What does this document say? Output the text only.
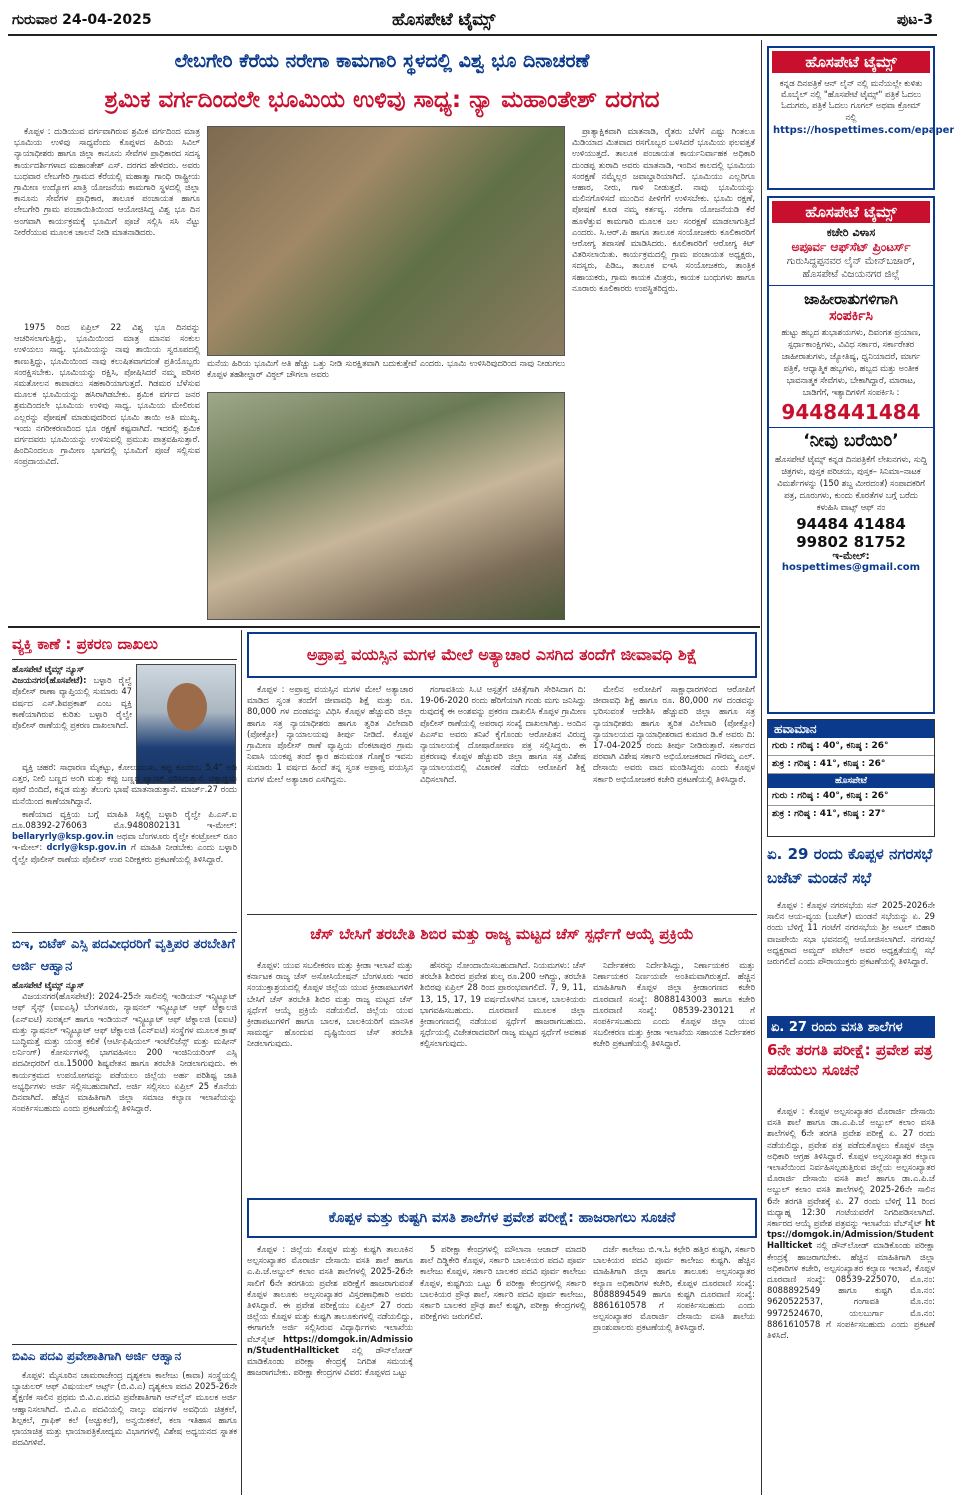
ಗುರುವಾರ 24-04-2025	ಹೊಸಪೇಟೆ ಟೈಮ್ಸ್	ಪುಟ-3
ಲೇಬಗೇರಿ ಕೆರೆಯ ನರೇಗಾ ಕಾಮಗಾರಿ ಸ್ಥಳದಲ್ಲಿ ವಿಶ್ವ ಭೂ ದಿನಾಚರಣೆ
ಶ್ರಮಿಕ ವರ್ಗದಿಂದಲೇ ಭೂಮಿಯ ಉಳಿವು ಸಾಧ್ಯ: ನ್ಯಾ ಮಹಾಂತೇಶ್ ದರಗದ

ಕೊಪ್ಪಳ : ದುಡಿಯುವ ವರ್ಗವಾಗಿರುವ ಶ್ರಮಿಕ ವರ್ಗದಿಂದ ಮಾತ್ರ ಭೂಮಿಯ ಉಳಿವು ಸಾಧ್ಯವೆಂದು ಕೊಪ್ಪಳದ ಹಿರಿಯ ಸಿವಿಲ್ ನ್ಯಾಯಾಧೀಶರು ಹಾಗೂ ಜಿಲ್ಲಾ ಕಾನೂನು ಸೇವೆಗಳ ಪ್ರಾಧಿಕಾರದ ಸದಸ್ಯ ಕಾರ್ಯದರ್ಶಿಗಳಾದ ಮಹಾಂತೇಶ್ ಎಸ್. ದರಗದ ಹೇಳಿದರು. ಅವರು ಬುಧವಾರ ಲೇಬಗೇರಿ ಗ್ರಾಮದ ಕೆರೆಯಲ್ಲಿ ಮಹಾತ್ಮಾ ಗಾಂಧಿ ರಾಷ್ಟ್ರೀಯ ಗ್ರಾಮೀಣ ಉದ್ಯೋಗ ಖಾತ್ರಿ ಯೋಜನೆಯ ಕಾಮಗಾರಿ ಸ್ಥಳದಲ್ಲಿ ಜಿಲ್ಲಾ ಕಾನೂನು ಸೇವೆಗಳ ಪ್ರಾಧಿಕಾರ, ತಾಲೂಕ ಪಂಚಾಯತ ಹಾಗೂ ಲೇಬಗೇರಿ ಗ್ರಾಮ ಪಂಚಾಯಿತಿಯಿಂದ ಆಯೋಜಿಸಿದ್ದ ವಿಶ್ವ ಭೂ ದಿನ ಅಂಗವಾಗಿ ಕಾರ್ಯಕ್ರಮಕ್ಕೆ ಭೂಮಿಗೆ ಪೂಜೆ ಸಲ್ಲಿಸಿ ಸಸಿ ನೆಟ್ಟು ನೀರೆರೆಯುವ ಮೂಲಕ ಚಾಲನೆ ನೀಡಿ ಮಾತನಾಡಿದರು.

1975 ರಿಂದ ಏಪ್ರಿಲ್ 22 ವಿಶ್ವ ಭೂ ದಿನವನ್ನು ಆಚರಿಸಲಾಗುತ್ತಿದ್ದು, ಭೂಮಿಯಿಂದ ಮಾತ್ರ ಮಾನವ ಸಂಕುಲ ಉಳಿಯಲು ಸಾಧ್ಯ. ಭೂಮಿಯನ್ನು ನಾವು ತಾಯಿಯ ಸ್ವರೂಪದಲ್ಲಿ ಕಾಣುತ್ತಿದ್ದು, ಭೂಮಿಯಿಂದ ನಾವು ಕಲುಷಿತವಾಗದಂತೆ ಪ್ರತಿಯೊಬ್ಬರು ಸಂರಕ್ಷಿಸಬೇಕು. ಭೂಮಿಯನ್ನು ರಕ್ಷಿಸಿ, ಪೋಷಿಸಿದರೆ ನಮ್ಮ ಪರಿಸರ ಸಮತೋಲನ ಕಾಪಾಡಲು ಸಹಕಾರಿಯಾಗುತ್ತದೆ. ಗಿಡಮರ ಬೆಳೆಸುವ ಮೂಲಕ ಭೂಮಿಯನ್ನು ಹಸಿರಾಗಿಡಬೇಕು. ಶ್ರಮಿಕ ವರ್ಗದ ಜನರ ಶ್ರಮದಿಂದಲೇ ಭೂಮಿಯ ಉಳಿವು ಸಾಧ್ಯ. ಭೂಮಿಯ ಮೇಲಿರುವ ಎಲ್ಲರನ್ನು ಪೋಷಣೆ ಮಾಡುವುದರಿಂದ ಭೂಮಿ ತಾಯಿ ಅತಿ ಮುಖ್ಯ. ಇಂದು ನಗರೀಕರಣದಿಂದ ಭೂ ರಕ್ಷಣೆ ಕಷ್ಟವಾಗಿದೆ. ಇದರಲ್ಲಿ ಶ್ರಮಿಕ ವರ್ಗದವರು ಭೂಮಿಯನ್ನು ಉಳಿಸುವಲ್ಲಿ ಪ್ರಮುಖ ಪಾತ್ರವಹಿಸುತ್ತಾರೆ. ಹಿಂದಿನಿಂದಲೂ ಗ್ರಾಮೀಣ ಭಾಗದಲ್ಲಿ ಭೂಮಿಗೆ ಪೂಜೆ ಸಲ್ಲಿಸುವ ಸಂಪ್ರದಾಯವಿದೆ.

ಮನೆಯ ಹಿರಿಯ ಭೂಮಿಗೆ ಅತಿ ಹೆಚ್ಚು ಒತ್ತು ನೀಡಿ ಸುರಕ್ಷಿತವಾಗಿ ಬದುಕುತ್ತೇವೆ ಎಂದರು. ಭೂಮಿ ಉಳಿಸಿರಿವುದರಿಂದ ನಾವು ನೀಡುಗಲು ಕೊಪ್ಪಳ ತಹಶೀಲ್ದಾರ್ ವಿಠ್ಠಲ್ ಚೌಗಲಾ ಅವರು

ಪ್ರಾತ್ಯಾಕ್ಷಿಕವಾಗಿ ಮಾತನಾಡಿ, ರೈತರು ಬೆಳೆಗೆ ಎಷ್ಟು ಗಿಂತಲೂ ಮಿಡಿಯಾದ ಮಿತವಾದ ರಸಗೊಬ್ಬರ ಬಳಸಿದರೆ ಭೂಮಿಯ ಫಲವತ್ತತೆ ಉಳಿಯುತ್ತದೆ. ತಾಲೂಕ ಪಂಚಾಯತ ಕಾರ್ಯನಿರ್ವಾಹಕ ಅಧಿಕಾರಿ ದುಂಡಪ್ಪ ತುರಾದಿ ಅವರು ಮಾತನಾಡಿ, ಇಂದಿನ ಕಾಲದಲ್ಲಿ ಭೂಮಿಯ ಸಂರಕ್ಷಣೆ ನಮ್ಮೆಲ್ಲರ ಜವಾಬ್ದಾರಿಯಾಗಿದೆ. ಭೂಮಿಯು ಎಲ್ಲರಿಗೂ ಆಹಾರ, ನೀರು, ಗಾಳಿ ನೀಡುತ್ತದೆ. ನಾವು ಭೂಮಿಯನ್ನು ಮಲಿನಗೊಳಿಸದೆ ಮುಂದಿನ ಪೀಳಿಗೆಗೆ ಉಳಿಸಬೇಕು. ಭೂಮಿ ರಕ್ಷಣೆ, ಪೋಷಣೆ ಕೂಡ ನಮ್ಮ ಕರ್ತವ್ಯ. ನರೇಗಾ ಯೋಜನೆಯಡಿ ಕೆರೆ ಹೂಳೆತ್ತುವ ಕಾಮಗಾರಿ ಮೂಲಕ ಜಲ ಸಂರಕ್ಷಣೆ ಮಾಡಲಾಗುತ್ತಿದೆ ಎಂದರು. ಸಿ.ಆರ್.ಪಿ ಹಾಗೂ ತಾಲೂಕ ಸಂಯೋಜಕರು ಕೂಲಿಕಾರರಿಗೆ ಆರೋಗ್ಯ ತಪಾಸಣೆ ಮಾಡಿಸಿದರು. ಕೂಲಿಕಾರರಿಗೆ ಆರೋಗ್ಯ ಕಿಟ್ ವಿತರಿಸಲಾಯಿತು. ಕಾರ್ಯಕ್ರಮದಲ್ಲಿ ಗ್ರಾಮ ಪಂಚಾಯತ ಅಧ್ಯಕ್ಷರು, ಸದಸ್ಯರು, ಪಿಡಿಒ, ತಾಲೂಕ ಐಇಸಿ ಸಂಯೋಜಕರು, ತಾಂತ್ರಿಕ ಸಹಾಯಕರು, ಗ್ರಾಮ ಕಾಯಕ ಮಿತ್ರರು, ಕಾಯಕ ಬಂಧುಗಳು ಹಾಗೂ ನೂರಾರು ಕೂಲಿಕಾರರು ಉಪಸ್ಥಿತರಿದ್ದರು.

ಹೊಸಪೇಟೆ ಟೈಮ್ಸ್
ಕನ್ನಡ ದಿನಪತ್ರಿಕೆ ಆನ್ ಲೈನ್ ನಲ್ಲಿ ಮನೆಯಲ್ಲೇ ಕುಳಿತು ಮೊಬೈಲ್ ನಲ್ಲಿ "ಹೊಸಪೇಟೆ ಟೈಮ್ಸ್" ಪತ್ರಿಕೆ ಓದಲು ಓದುಗರು, ಪತ್ರಿಕೆ ಓದಲು ಗೂಗಲ್ ಅಥವಾ ಕ್ರೋಮ್ ನಲ್ಲಿ
https://hospettimes.com/epaper
ಹೊಸಪೇಟೆ ಟೈಮ್ಸ್
ಕಚೇರಿ ವಿಳಾಸ
ಅಪೂರ್ವ ಆಫ್‌ಸೆಟ್ ಪ್ರಿಂಟರ್ಸ್
ಗುರುಸಿದ್ದಪ್ಪನವರ ಲೈನ್ ಮೇನ್‌ಬಜಾರ್, ಹೊಸಪೇಟೆ ವಿಜಯನಗರ ಜಿಲ್ಲೆ
ಜಾಹೀರಾತುಗಳಿಗಾಗಿ
ಸಂಪರ್ಕಿಸಿ
ಹುಟ್ಟು ಹಬ್ಬದ ಶುಭಾಶಯಗಳು, ದಿವಂಗತ ಪ್ರಯಾಣ, ಸ್ಪರ್ಧಾಕಾಂಕ್ಷಿಗಳು, ವಿವಿಧ ಸರ್ಕಾರ, ಸರ್ಕಾರೇತರ ಜಾಹೀರಾತುಗಳು, ಜ್ಯೋತಿಷ್ಯ, ಧ್ವನಿಯಾದರೆ, ಮಾರ್ಗ ಪತ್ರಿಕೆ, ಆಧ್ಯಾತ್ಮಿಕ ಹಬ್ಬಗಳು, ಹಬ್ಬದ ಮತ್ತು ಅಂತೀಕ ಭಾವನಾತ್ಮಕ ಸೇವೆಗಳು, ಬೇಕಾಗಿದ್ದಾರೆ, ಮಾರಾಟ, ಬಾಡಿಗೆಗೆ, ಇತ್ಯಾದಿಗಳಿಗೆ ಸಂಪರ್ಕಿಸಿ :
9448441484
‘ನೀವು ಬರೆಯಿರಿ’
ಹೊಸಪೇಟೆ ಟೈಮ್ಸ್ ಕನ್ನಡ ದಿನಪತ್ರಿಕೆಗೆ ಲೇಖನಗಳು, ಸುದ್ದಿ ಚಿತ್ರಗಳು, ಪುಸ್ತಕ ಪರಿಚಯ, ಪುಸ್ತಕ– ಸಿನಿಮಾ–ನಾಟಕ ವಿಮರ್ಶೆಗಳನ್ನು (150 ಶಬ್ದ ಮೀರದಂತೆ) ಸಂಪಾದಕರಿಗೆ ಪತ್ರ, ದೂರುಗಳು, ಕುಂದು ಕೊರತೆಗಳ ಬಗ್ಗೆ ಬರೆದು ಕಳುಹಿಸಿ ವಾಟ್ಸ್ ಆಫ್ ನಂ
94484 41484
99802 81752
ಇ-ಮೇಲ್: hospettimes@gmail.com
ಹವಾಮಾನ
ಗುರು : ಗರಿಷ್ಠ : 40°, ಕನಿಷ್ಠ : 26°
ಶುಕ್ರ : ಗರಿಷ್ಠ : 41°, ಕನಿಷ್ಠ : 26°
ಹೊಸಪೇಟೆ
ಗುರು : ಗರಿಷ್ಠ : 40°, ಕನಿಷ್ಠ : 26°
ಶುಕ್ರ : ಗರಿಷ್ಠ : 41°, ಕನಿಷ್ಠ : 27°
ಏ. 29 ರಂದು ಕೊಪ್ಪಳ ನಗರಸಭೆ ಬಜೆಟ್ ಮಂಡನೆ ಸಭೆ

ಕೊಪ್ಪಳ : ಕೊಪ್ಪಳ ನಗರಸಭೆಯ ಸನ್ 2025-2026ನೇ ಸಾಲಿನ ಆಯ-ವ್ಯಯ (ಬಜೆಟ್) ಮಂಡನೆ ಸಭೆಯನ್ನು ಏ. 29 ರಂದು ಬೆಳಿಗ್ಗೆ 11 ಗಂಟೆಗೆ ನಗರಸಭೆಯ ಶ್ರೀ ಅಟಲ್ ಬಿಹಾರಿ ವಾಜಪೇಯಿ ಸಭಾ ಭವನದಲ್ಲಿ ಆಯೋಜಿಸಲಾಗಿದೆ. ನಗರಸಭೆ ಅಧ್ಯಕ್ಷರಾದ ಅಮ್ಜದ್ ಪಟೇಲ್ ಅವರ ಅಧ್ಯಕ್ಷತೆಯಲ್ಲಿ ಸಭೆ ಜರುಗಲಿದೆ ಎಂದು ಪೌರಾಯುಕ್ತರು ಪ್ರಕಟಣೆಯಲ್ಲಿ ತಿಳಿಸಿದ್ದಾರೆ.

ಏ. 27 ರಂದು ವಸತಿ ಶಾಲೆಗಳ
6ನೇ ತರಗತಿ ಪರೀಕ್ಷೆ: ಪ್ರವೇಶ ಪತ್ರ ಪಡೆಯಲು ಸೂಚನೆ

ಕೊಪ್ಪಳ : ಕೊಪ್ಪಳ ಅಲ್ಪಸಂಖ್ಯಾತರ ಮೊರಾರ್ಜಿ ದೇಸಾಯಿ ವಸತಿ ಶಾಲೆ ಹಾಗೂ ಡಾ.ಎ.ಪಿ.ಜೆ ಅಬ್ದುಲ್ ಕಲಾಂ ವಸತಿ ಶಾಲೆಗಳಲ್ಲಿ 6ನೇ ತರಗತಿ ಪ್ರವೇಶ ಪರೀಕ್ಷೆ ಏ. 27 ರಂದು ನಡೆಯಲಿದ್ದು, ಪ್ರವೇಶ ಪತ್ರ ಪಡೆದುಕೊಳ್ಳಲು ಕೊಪ್ಪಳ ಜಿಲ್ಲಾ ಅಧಿಕಾರಿ ಆಗ್ರಹ ತಿಳಿಸಿದ್ದಾರೆ. ಕೊಪ್ಪಳ ಅಲ್ಪಸಂಖ್ಯಾತರ ಕಲ್ಯಾಣ ಇಲಾಖೆಯಿಂದ ನಿರ್ವಹಿಸಲ್ಪಡುತ್ತಿರುವ ಜಿಲ್ಲೆಯ ಅಲ್ಪಸಂಖ್ಯಾತರ ಮೊರಾರ್ಜಿ ದೇಸಾಯಿ ವಸತಿ ಶಾಲೆ ಹಾಗೂ ಡಾ.ಎ.ಪಿ.ಜೆ ಅಬ್ದುಲ್ ಕಲಾಂ ವಸತಿ ಶಾಲೆಗಳಲ್ಲಿ 2025-26ನೇ ಸಾಲಿನ 6ನೇ ತರಗತಿ ಪ್ರವೇಶಕ್ಕೆ ಏ. 27 ರಂದು ಬೆಳಿಗ್ಗೆ 11 ರಿಂದ ಮಧ್ಯಾಹ್ನ 12:30 ಗಂಟೆಯವರೆಗೆ ನಿಗದಿಪಡಿಸಲಾಗಿದೆ. ಸರ್ಕಾರದ ಆಯ್ಕೆ ಪ್ರವೇಶ ಪತ್ರವನ್ನು ಇಲಾಖೆಯ ವೆಬ್‌ಸೈಟ್ https://domgok.in/Admission/StudentHallticket ನಲ್ಲಿ ಡೌನ್‌ಲೋಡ್ ಮಾಡಿಕೊಂಡು ಪರೀಕ್ಷಾ ಕೇಂದ್ರಕ್ಕೆ ಹಾಜರಾಗಬೇಕು. ಹೆಚ್ಚಿನ ಮಾಹಿತಿಗಾಗಿ ಜಿಲ್ಲಾ ಅಧಿಕಾರಿಗಳ ಕಚೇರಿ, ಅಲ್ಪಸಂಖ್ಯಾತರ ಕಲ್ಯಾಣ ಇಲಾಖೆ, ಕೊಪ್ಪಳ ದೂರವಾಣಿ ಸಂಖ್ಯೆ: 08539-225070, ಮೊ.ನಂ: 8088892549 ಹಾಗೂ ಕುಷ್ಟಗಿ ಮೊ.ನಂ: 9620522537, ಗಂಗಾವತಿ ಮೊ.ನಂ: 9972524670, ಯಲಬುರ್ಗಾ ಮೊ.ನಂ: 8861610578 ಗೆ ಸಂಪರ್ಕಿಸಬಹುದು ಎಂದು ಪ್ರಕಟಣೆ ತಿಳಿಸಿದೆ.

ವ್ಯಕ್ತಿ ಕಾಣೆ : ಪ್ರಕರಣ ದಾಖಲು
ಹೊಸಪೇಟೆ ಟೈಮ್ಸ್ ನ್ಯೂಸ್
ವಿಜಯನಗರ(ಹೊಸಪೇಟೆ): ಬಳ್ಳಾರಿ ರೈಲ್ವೆ ಪೊಲೀಸ್ ಠಾಣಾ ವ್ಯಾಪ್ತಿಯಲ್ಲಿ ಸುಮಾರು 47 ವರ್ಷದ ಎಸ್.ಶಿವಪ್ರಕಾಶ್ ಎಂಬ ವ್ಯಕ್ತಿ ಕಾಣೆಯಾಗಿರುವ ಕುರಿತು ಬಳ್ಳಾರಿ ರೈಲ್ವೇ ಪೊಲೀಸ್ ಠಾಣೆಯಲ್ಲಿ ಪ್ರಕರಣ ದಾಖಲಾಗಿದೆ.

ವ್ಯಕ್ತಿ ಚಹರೆ: ಸಾಧಾರಣ ಮೈಕಟ್ಟು, ಕೋಲುಮುಖ, ಕಪ್ಪು ಕೂದಲು, 5.4" ಅಡಿ ಎತ್ತರ, ನೀಲಿ ಬಣ್ಣದ ಅಂಗಿ ಮತ್ತು ಕಪ್ಪು ಬಣ್ಣದ ಪ್ಯಾಂಟ್ ಧರಿಸಿರುತ್ತಾನೆ. ಚಿಕ್ಕಾಜ್ಜಿಯ ಪೂರೆ ಬಿಂದಿದೆ, ಕನ್ನಡ ಮತ್ತು ತೆಲುಗು ಭಾಷೆ ಮಾತನಾಡುತ್ತಾನೆ. ಮಾರ್ಚ್.27 ರಂದು ಮನೆಯಿಂದ ಕಾಣೆಯಾಗಿದ್ದಾನೆ.

ಕಾಣೆಯಾದ ವ್ಯಕ್ತಿಯ ಬಗ್ಗೆ ಮಾಹಿತಿ ಸಿಕ್ಕಲ್ಲಿ ಬಳ್ಳಾರಿ ರೈಲ್ವೇ ಪಿ.ಎಸ್.ಐ ದೂ.08392-276063 ಮೊ.9480802131 ಇ-ಮೇಲ್: bellaryrly@ksp.gov.in ಅಥವಾ ಬೆಂಗಳೂರು ರೈಲ್ವೇ ಕಂಟ್ರೋಲ್ ರೂಂ ಇ-ಮೇಲ್: dcrly@ksp.gov.in ಗೆ ಮಾಹಿತಿ ನೀಡಬೇಕು ಎಂದು ಬಳ್ಳಾರಿ ರೈಲ್ವೇ ಪೊಲೀಸ್ ಠಾಣೆಯ ಪೊಲೀಸ್ ಉಪ ನಿರೀಕ್ಷಕರು ಪ್ರಕಟಣೆಯಲ್ಲಿ ತಿಳಿಸಿದ್ದಾರೆ.

ಬಿಇ, ಬಿಟೆಕ್ ಎಸ್ಸಿ ಪದವೀಧರರಿಗೆ ವೃತ್ತಿಪರ ತರಬೇತಿಗೆ ಅರ್ಜಿ ಆಹ್ವಾನ
ಹೊಸಪೇಟೆ ಟೈಮ್ಸ್ ನ್ಯೂಸ್

ವಿಜಯನಗರ(ಹೊಸಪೇಟೆ): 2024-25ನೇ ಸಾಲಿನಲ್ಲಿ ಇಂಡಿಯನ್ ಇನ್ಸ್ಟಿಟ್ಯೂಟ್ ಆಫ್ ಸೈನ್ಸ್ (ಐಐಎಸ್ಸಿ) ಬೆಂಗಳೂರು, ನ್ಯಾಷನಲ್ ಇನ್ಸ್ಟಿಟ್ಯೂಟ್ ಆಫ್ ಟೆಕ್ನಾಲಜಿ (ಎನ್‌ಐಟಿ) ಸುರತ್ಕಲ್ ಹಾಗೂ ಇಂಡಿಯನ್ ಇನ್ಸ್ಟಿಟ್ಯೂಟ್ ಆಫ್ ಟೆಕ್ನಾಲಜಿ (ಐಐಟಿ) ಮತ್ತು ನ್ಯಾಷನಲ್ ಇನ್ಸ್ಟಿಟ್ಯೂಟ್ ಆಫ್ ಟೆಕ್ನಾಲಜಿ (ಎನ್‌ಐಟಿ) ಸಂಸ್ಥೆಗಳ ಮೂಲಕ ಕ್ರಾಷ್ ಬುದ್ಧಿಮತ್ತೆ ಮತ್ತು ಯಂತ್ರ ಕಲಿಕೆ (ಆರ್ಟಿಫಿಷಿಯಲ್ ಇಂಟೆಲಿಜೆನ್ಸ್ ಮತ್ತು ಮಷೀನ್ ಲರ್ನಿಂಗ್) ಕೋರ್ಸುಗಳಲ್ಲಿ ಭಾಗವಹಿಸಲು 200 ಇಂಜಿನಿಯರಿಂಗ್ ಎಸ್ಸಿ ಪದವೀಧರರಿಗೆ ರೂ.15000 ಶಿಷ್ಯವೇತನ ಹಾಗೂ ತರಬೇತಿ ನೀಡಲಾಗುವುದು. ಈ ಕಾರ್ಯಕ್ರಮದ ಉಪಯೋಗವನ್ನು ಪಡೆಯಲು ಜಿಲ್ಲೆಯ ಅರ್ಹ ಪರಿಶಿಷ್ಟ ಜಾತಿ ಅಭ್ಯರ್ಥಿಗಳು ಅರ್ಜಿ ಸಲ್ಲಿಸಬಹುದಾಗಿದೆ. ಅರ್ಜಿ ಸಲ್ಲಿಸಲು ಏಪ್ರಿಲ್ 25 ಕೊನೆಯ ದಿನವಾಗಿದೆ. ಹೆಚ್ಚಿನ ಮಾಹಿತಿಗಾಗಿ ಜಿಲ್ಲಾ ಸಮಾಜ ಕಲ್ಯಾಣ ಇಲಾಖೆಯನ್ನು ಸಂಪರ್ಕಿಸಬಹುದು ಎಂದು ಪ್ರಕಟಣೆಯಲ್ಲಿ ತಿಳಿಸಿದ್ದಾರೆ.

ಬಿವಿಎ ಪದವಿ ಪ್ರವೇಶಾತಿಗಾಗಿ ಅರ್ಜಿ ಆಹ್ವಾನ

ಕೊಪ್ಪಳ: ಮೈಸೂರಿನ ಚಾಮರಾಜೇಂದ್ರ ದೃಶ್ಯಕಲಾ ಕಾಲೇಜು (ಕಾವಾ) ಸಂಸ್ಥೆಯಲ್ಲಿ ಬ್ಯಾಚುಲರ್ ಆಫ್ ವಿಷುಯಲ್ ಆರ್ಟ್ಸ್ (ಬಿ.ವಿ.ಎ) ದೃಶ್ಯಕಲಾ ಪದವಿ 2025-26ನೇ ಶೈಕ್ಷಣಿಕ ಸಾಲಿನ ಪ್ರಥಮ ಬಿ.ವಿ.ಎ.ಪದವಿ ಪ್ರವೇಶಾತಿಗಾಗಿ ಆನ್‌ಲೈನ್ ಮೂಲಕ ಅರ್ಜಿ ಆಹ್ವಾನಿಸಲಾಗಿದೆ. ಬಿ.ವಿ.ಎ ಪದವಿಯಲ್ಲಿ ನಾಲ್ಕು ವರ್ಷಗಳ ಅವಧಿಯ ಚಿತ್ರಕಲೆ, ಶಿಲ್ಪಕಲೆ, ಗ್ರಾಫಿಕ್ ಕಲೆ (ಅಚ್ಚುಕಲೆ), ಅನ್ವಯಿಕಕಲೆ, ಕಲಾ ಇತಿಹಾಸ ಹಾಗೂ ಛಾಯಾಚಿತ್ರ ಮತ್ತು ಛಾಯಾಪತ್ರಿಕೋದ್ಯಮ ವಿಭಾಗಗಳಲ್ಲಿ ವಿಶೇಷ ಅಧ್ಯಯನದ ಸ್ನಾತಕ ಪದವಿಗಳಿವೆ.

ಅಪ್ರಾಪ್ತ ವಯಸ್ಸಿನ ಮಗಳ ಮೇಲೆ ಅತ್ಯಾಚಾರ ಎಸಗಿದ ತಂದೆಗೆ ಜೀವಾವಧಿ ಶಿಕ್ಷೆ

ಕೊಪ್ಪಳ : ಅಪ್ರಾಪ್ತ ವಯಸ್ಸಿನ ಮಗಳ ಮೇಲೆ ಅತ್ಯಾಚಾರ ಮಾಡಿದ ಸ್ವಂತ ತಂದೆಗೆ ಜೀವಾವಧಿ ಶಿಕ್ಷೆ ಮತ್ತು ರೂ. 80,000 ಗಳ ದಂಡವನ್ನು ವಿಧಿಸಿ ಕೊಪ್ಪಳ ಹೆಚ್ಚುವರಿ ಜಿಲ್ಲಾ ಹಾಗೂ ಸತ್ರ ನ್ಯಾಯಾಧೀಶರು ಹಾಗೂ ತ್ವರಿತ ವಿಲೇವಾರಿ (ಪೋಕ್ಸೋ) ನ್ಯಾಯಾಲಯವು ತೀರ್ಪು ನೀಡಿದೆ. ಕೊಪ್ಪಳ ಗ್ರಾಮೀಣ ಪೊಲೀಸ್ ಠಾಣೆ ವ್ಯಾಪ್ತಿಯ ವೆಂಕಟಾಪುರ ಗ್ರಾಮ ನಿವಾಸಿ ಯಂಕಪ್ಪ ತಂದೆ ಕ್ಯಾರ ಹನುಮಂತ ಗೊಣ್ಣೆರ ಇವನು ಸುಮಾರು 1 ವರ್ಷದ ಹಿಂದೆ ತನ್ನ ಸ್ವಂತ ಅಪ್ರಾಪ್ತ ವಯಸ್ಸಿನ ಮಗಳ ಮೇಲೆ ಅತ್ಯಾಚಾರ ಎಸಗಿದ್ದನು.

ಗಂಗಾವತಿಯ ಸಿ.ಟಿ ಆಸ್ಪತ್ರೆಗೆ ಚಿಕಿತ್ಸೆಗಾಗಿ ಸೇರಿಸಿದಾಗ ದಿ: 19-06-2020 ರಂದು ಹೆರಿಗೆಯಾಗಿ ಗಂಡು ಮಗು ಜನಿಸಿದ್ದು ರುವುದಕ್ಕೆ ಈ ಅಂಶವನ್ನು ಪ್ರಕರಣ ದಾಖಲಿಸಿ ಕೊಪ್ಪಳ ಗ್ರಾಮೀಣ ಪೊಲೀಸ್ ಠಾಣೆಯಲ್ಲಿ ಅಪರಾಧ ಸಂಖ್ಯೆ ದಾಖಲಾಗಿತ್ತು. ಅಂದಿನ ಪಿಎಸ್‌ಐ ಅವರು ತನಿಖೆ ಕೈಗೊಂಡು ಆರೋಪಿತನ ವಿರುದ್ಧ ನ್ಯಾಯಾಲಯಕ್ಕೆ ದೋಷಾರೋಪಣ ಪತ್ರ ಸಲ್ಲಿಸಿದ್ದರು. ಈ ಪ್ರಕರಣವು ಕೊಪ್ಪಳ ಹೆಚ್ಚುವರಿ ಜಿಲ್ಲಾ ಹಾಗೂ ಸತ್ರ ವಿಶೇಷ ನ್ಯಾಯಾಲಯದಲ್ಲಿ ವಿಚಾರಣೆ ನಡೆದು ಆರೋಪಿಗೆ ಶಿಕ್ಷೆ ವಿಧಿಸಲಾಗಿದೆ.

ಮೇಲಿನ ಅರೋಪಿಗೆ ಸಾಕ್ಷಾಧಾರಗಳಿಂದ ಆರೋಪಿಗೆ ಜೀವಾವಧಿ ಶಿಕ್ಷೆ ಹಾಗೂ ರೂ. 80,000 ಗಳ ದಂಡವನ್ನು ಭರಿಸುವಂತೆ ಆದೇಶಿಸಿ ಹೆಚ್ಚುವರಿ ಜಿಲ್ಲಾ ಹಾಗೂ ಸತ್ರ ನ್ಯಾಯಾಧೀಶರು ಹಾಗೂ ತ್ವರಿತ ವಿಲೇವಾರಿ (ಪೋಕ್ಸೋ) ನ್ಯಾಯಾಲಯದ ನ್ಯಾಯಾಧೀಶರಾದ ಕುಮಾರ ಡಿ.ಕೆ ಅವರು ದಿ: 17-04-2025 ರಂದು ತೀರ್ಪು ನೀಡಿರುತ್ತಾರೆ. ಸರ್ಕಾರದ ಪರವಾಗಿ ವಿಶೇಷ ಸರ್ಕಾರಿ ಅಭಿಯೋಜಕರಾದ ಗೌರಮ್ಮ ಎಲ್. ದೇಸಾಯಿ ಅವರು ವಾದ ಮಂಡಿಸಿದ್ದರು ಎಂದು ಕೊಪ್ಪಳ ಸರ್ಕಾರಿ ಅಭಿಯೋಜಕರ ಕಚೇರಿ ಪ್ರಕಟಣೆಯಲ್ಲಿ ತಿಳಿಸಿದ್ದಾರೆ.

ಚೆಸ್ ಬೇಸಿಗೆ ತರಬೇತಿ ಶಿಬಿರ ಮತ್ತು ರಾಜ್ಯ ಮಟ್ಟದ ಚೆಸ್ ಸ್ಪರ್ಧೆಗೆ ಆಯ್ಕೆ ಪ್ರಕ್ರಿಯೆ

ಕೊಪ್ಪಳ: ಯುವ ಸಬಲೀಕರಣ ಮತ್ತು ಕ್ರೀಡಾ ಇಲಾಖೆ ಮತ್ತು ಕರ್ನಾಟಕ ರಾಜ್ಯ ಚೆಸ್ ಅಸೋಸಿಯೇಷನ್ ಬೆಂಗಳೂರು ಇವರ ಸಂಯುಕ್ತಾಶ್ರಯದಲ್ಲಿ ಕೊಪ್ಪಳ ಜಿಲ್ಲೆಯ ಯುವ ಕ್ರೀಡಾಪಟುಗಳಿಗೆ ಬೇಸಿಗೆ ಚೆಸ್ ತರಬೇತಿ ಶಿಬಿರ ಮತ್ತು ರಾಜ್ಯ ಮಟ್ಟದ ಚೆಸ್ ಸ್ಪರ್ಧೆಗೆ ಆಯ್ಕೆ ಪ್ರಕ್ರಿಯೆ ನಡೆಯಲಿದೆ. ಜಿಲ್ಲೆಯ ಯುವ ಕ್ರೀಡಾಪಟುಗಳಿಗೆ ಹಾಗೂ ಬಾಲಕ, ಬಾಲಕಿಯರಿಗೆ ಮಾನಸಿಕ ಸಾಮರ್ಥ್ಯ ಹೊಂದುವ ದೃಷ್ಟಿಯಿಂದ ಚೆಸ್ ತರಬೇತಿ ನೀಡಲಾಗುವುದು.

ಹೆಸರನ್ನು ನೋಂದಾಯಿಸಬಹುದಾಗಿದೆ. ನಿಯಮಗಳು: ಚೆಸ್ ತರಬೇತಿ ಶಿಬಿರದ ಪ್ರವೇಶ ಶುಲ್ಕ ರೂ.200 ಆಗಿದ್ದು, ತರಬೇತಿ ಶಿಬಿರವು ಏಪ್ರಿಲ್ 28 ರಿಂದ ಪ್ರಾರಂಭವಾಗಲಿದೆ. 7, 9, 11, 13, 15, 17, 19 ವರ್ಷದೊಳಗಿನ ಬಾಲಕ, ಬಾಲಕಿಯರು ಭಾಗವಹಿಸಬಹುದು. ದೂರವಾಣಿ ಮೂಲಕ ಜಿಲ್ಲಾ ಕ್ರೀಡಾಂಗಣದಲ್ಲಿ ನಡೆಯುವ ಸ್ಪರ್ಧೆಗೆ ಹಾಜರಾಗಬಹುದು. ಸ್ಪರ್ಧೆಯಲ್ಲಿ ವಿಜೇತರಾದವರಿಗೆ ರಾಜ್ಯ ಮಟ್ಟದ ಸ್ಪರ್ಧೆಗೆ ಅವಕಾಶ ಕಲ್ಪಿಸಲಾಗುವುದು.

ನಿರ್ದೇಶಕರು ನಿರ್ದೇಶಿಸಿದ್ದು, ನಿರ್ಣಾಯಕರ ಮತ್ತು ನಿರ್ಣಾಯಕರ ನಿರ್ಣಯವೇ ಅಂತಿಮವಾಗಿರುತ್ತದೆ. ಹೆಚ್ಚಿನ ಮಾಹಿತಿಗಾಗಿ ಕೊಪ್ಪಳ ಜಿಲ್ಲಾ ಕ್ರೀಡಾಂಗಣದ ಕಚೇರಿ ದೂರವಾಣಿ ಸಂಖ್ಯೆ: 8088143003 ಹಾಗೂ ಕಚೇರಿ ದೂರವಾಣಿ ಸಂಖ್ಯೆ: 08539-230121 ಗೆ ಸಂಪರ್ಕಿಸಬಹುದು ಎಂದು ಕೊಪ್ಪಳ ಜಿಲ್ಲಾ ಯುವ ಸಬಲೀಕರಣ ಮತ್ತು ಕ್ರೀಡಾ ಇಲಾಖೆಯ ಸಹಾಯಕ ನಿರ್ದೇಶಕರ ಕಚೇರಿ ಪ್ರಕಟಣೆಯಲ್ಲಿ ತಿಳಿಸಿದ್ದಾರೆ.

ಕೊಪ್ಪಳ ಮತ್ತು ಕುಷ್ಟಗಿ ವಸತಿ ಶಾಲೆಗಳ ಪ್ರವೇಶ ಪರೀಕ್ಷೆ: ಹಾಜರಾಗಲು ಸೂಚನೆ

ಕೊಪ್ಪಳ : ಜಿಲ್ಲೆಯ ಕೊಪ್ಪಳ ಮತ್ತು ಕುಷ್ಟಗಿ ತಾಲೂಕಿನ ಅಲ್ಪಸಂಖ್ಯಾತರ ಮೊರಾರ್ಜಿ ದೇಸಾಯಿ ವಸತಿ ಶಾಲೆ ಹಾಗೂ ಎ.ಪಿ.ಜೆ.ಅಬ್ದುಲ್ ಕಲಾಂ ವಸತಿ ಶಾಲೆಗಳಲ್ಲಿ 2025-26ನೇ ಸಾಲಿಗೆ 6ನೇ ತರಗತಿಯ ಪ್ರವೇಶ ಪರೀಕ್ಷೆಗೆ ಹಾಜರಾಗುವಂತೆ ಕೊಪ್ಪಳ ತಾಲೂಕು ಅಲ್ಪಸಂಖ್ಯಾತರ ವಿಸ್ತರಣಾಧಿಕಾರಿ ಅವರು ತಿಳಿಸಿದ್ದಾರೆ. ಈ ಪ್ರವೇಶ ಪರೀಕ್ಷೆಯು ಏಪ್ರಿಲ್ 27 ರಂದು ಜಿಲ್ಲೆಯ ಕೊಪ್ಪಳ ಮತ್ತು ಕುಷ್ಟಗಿ ತಾಲೂಕುಗಳಲ್ಲಿ ನಡೆಯಲಿದ್ದು, ಈಗಾಗಲೇ ಅರ್ಜಿ ಸಲ್ಲಿಸಿರುವ ವಿದ್ಯಾರ್ಥಿಗಳು ಇಲಾಖೆಯ ವೆಬ್‌ಸೈಟ್ https://domgok.in/Admission/StudentHallticket ನಲ್ಲಿ ಡೌನ್‌ಲೋಡ್ ಮಾಡಿಕೊಂಡು ಪರೀಕ್ಷಾ ಕೇಂದ್ರಕ್ಕೆ ನಿಗದಿತ ಸಮಯಕ್ಕೆ ಹಾಜರಾಗಬೇಕು. ಪರೀಕ್ಷಾ ಕೇಂದ್ರಗಳ ವಿವರ: ಕೊಪ್ಪಳದ ಒಟ್ಟು

5 ಪರೀಕ್ಷಾ ಕೇಂದ್ರಗಳಲ್ಲಿ ಮೌಲಾನಾ ಆಜಾದ್ ಮಾದರಿ ಶಾಲೆ ದಿಡ್ಡಿಕೇರಿ ಕೊಪ್ಪಳ, ಸರ್ಕಾರಿ ಬಾಲಕಿಯರ ಪದವಿ ಪೂರ್ವ ಕಾಲೇಜು ಕೊಪ್ಪಳ, ಸರ್ಕಾರಿ ಬಾಲಕರ ಪದವಿ ಪೂರ್ವ ಕಾಲೇಜು ಕೊಪ್ಪಳ, ಕುಷ್ಟಗಿಯ ಒಟ್ಟು 6 ಪರೀಕ್ಷಾ ಕೇಂದ್ರಗಳಲ್ಲಿ ಸರ್ಕಾರಿ ಬಾಲಕಿಯರ ಪ್ರೌಢ ಶಾಲೆ, ಸರ್ಕಾರಿ ಪದವಿ ಪೂರ್ವ ಕಾಲೇಜು, ಸರ್ಕಾರಿ ಬಾಲಕರ ಪ್ರೌಢ ಶಾಲೆ ಕುಷ್ಟಗಿ, ಪರೀಕ್ಷಾ ಕೇಂದ್ರಗಳಲ್ಲಿ ಪರೀಕ್ಷೆಗಳು ಜರುಗಲಿವೆ.

ದರ್ಜೆ ಕಾಲೇಜು ಬಿ.ಇ.ಓ ಕಛೇರಿ ಹತ್ತಿರ ಕುಷ್ಟಗಿ, ಸರ್ಕಾರಿ ಬಾಲಕಿಯರ ಪದವಿ ಪೂರ್ವ ಕಾಲೇಜು ಕುಷ್ಟಗಿ. ಹೆಚ್ಚಿನ ಮಾಹಿತಿಗಾಗಿ ಜಿಲ್ಲಾ ಹಾಗೂ ತಾಲೂಕು ಅಲ್ಪಸಂಖ್ಯಾತರ ಕಲ್ಯಾಣ ಅಧಿಕಾರಿಗಳ ಕಚೇರಿ, ಕೊಪ್ಪಳ ದೂರವಾಣಿ ಸಂಖ್ಯೆ: 8088894549 ಹಾಗೂ ಕುಷ್ಟಗಿ ದೂರವಾಣಿ ಸಂಖ್ಯೆ: 8861610578 ಗೆ ಸಂಪರ್ಕಿಸಬಹುದು ಎಂದು ಅಲ್ಪಸಂಖ್ಯಾತರ ಮೊರಾರ್ಜಿ ದೇಸಾಯಿ ವಸತಿ ಶಾಲೆಯ ಪ್ರಾಂಶುಪಾಲರು ಪ್ರಕಟಣೆಯಲ್ಲಿ ತಿಳಿಸಿದ್ದಾರೆ.
